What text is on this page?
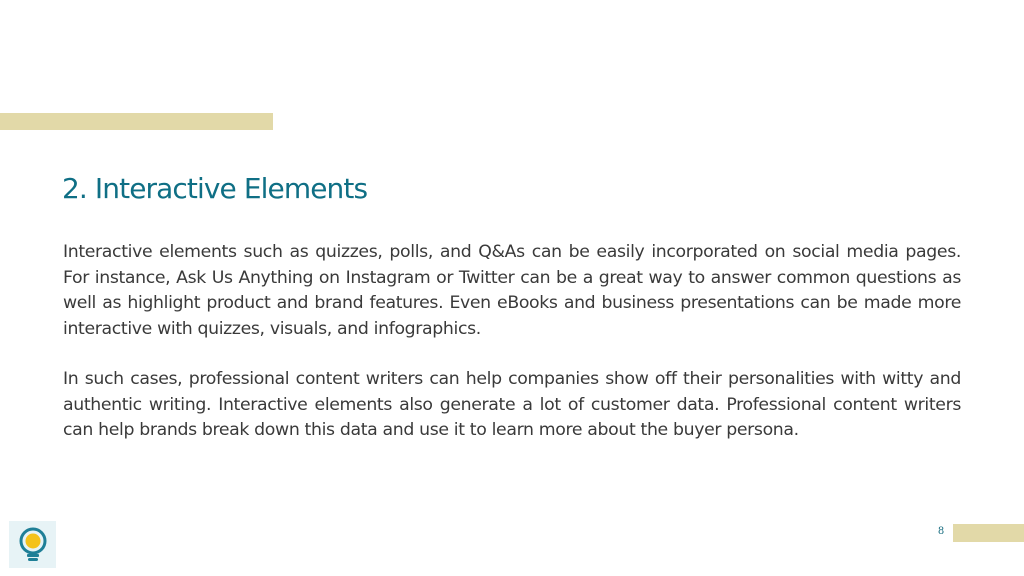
2. Interactive Elements

Interactive elements such as quizzes, polls, and Q&As can be easily incorporated on social media pages. For instance, Ask Us Anything on Instagram or Twitter can be a great way to answer common questions as well as highlight product and brand features. Even eBooks and business presentations can be made more interactive with quizzes, visuals, and infographics.

In such cases, professional content writers can help companies show off their personalities with witty and authentic writing. Interactive elements also generate a lot of customer data. Professional content writers can help brands break down this data and use it to learn more about the buyer persona.

8
